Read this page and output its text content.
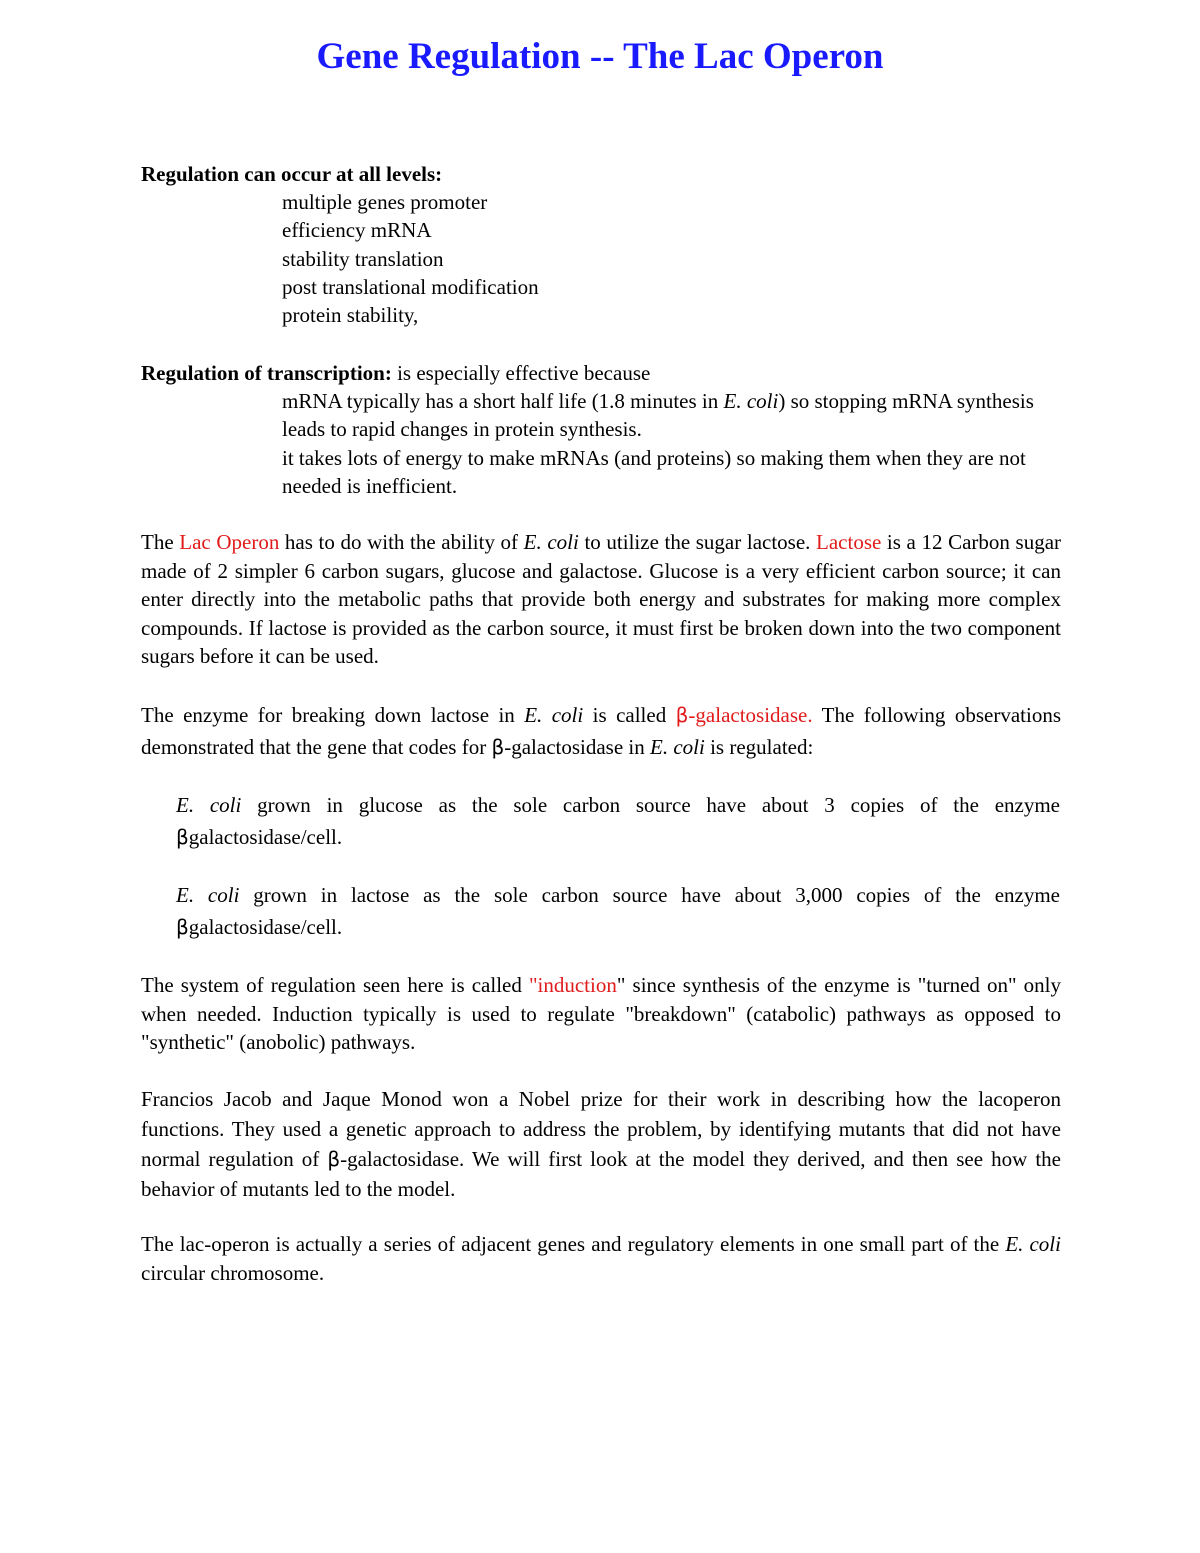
Gene Regulation -- The Lac Operon

Regulation can occur at all levels:

multiple genes promoter
efficiency mRNA
stability translation
post translational modification
protein stability,

Regulation of transcription: is especially effective because

mRNA typically has a short half life (1.8 minutes in E. coli) so stopping mRNA synthesis leads to rapid changes in protein synthesis.

it takes lots of energy to make mRNAs (and proteins) so making them when they are not needed is inefficient.

The Lac Operon has to do with the ability of E. coli to utilize the sugar lactose. Lactose is a 12 Carbon sugar made of 2 simpler 6 carbon sugars, glucose and galactose. Glucose is a very efficient carbon source; it can enter directly into the metabolic paths that provide both energy and substrates for making more complex compounds. If lactose is provided as the carbon source, it must first be broken down into the two component sugars before it can be used.

The enzyme for breaking down lactose in E. coli is called β-galactosidase. The following observations demonstrated that the gene that codes for β-galactosidase in E. coli is regulated:

E. coli grown in glucose as the sole carbon source have about 3 copies of the enzyme βgalactosidase/cell.

E. coli grown in lactose as the sole carbon source have about 3,000 copies of the enzyme βgalactosidase/cell.

The system of regulation seen here is called "induction" since synthesis of the enzyme is "turned on" only when needed. Induction typically is used to regulate "breakdown" (catabolic) pathways as opposed to "synthetic" (anobolic) pathways.

Francios Jacob and Jaque Monod won a Nobel prize for their work in describing how the lacoperon functions. They used a genetic approach to address the problem, by identifying mutants that did not have normal regulation of β-galactosidase. We will first look at the model they derived, and then see how the behavior of mutants led to the model.

The lac-operon is actually a series of adjacent genes and regulatory elements in one small part of the E. coli circular chromosome.
